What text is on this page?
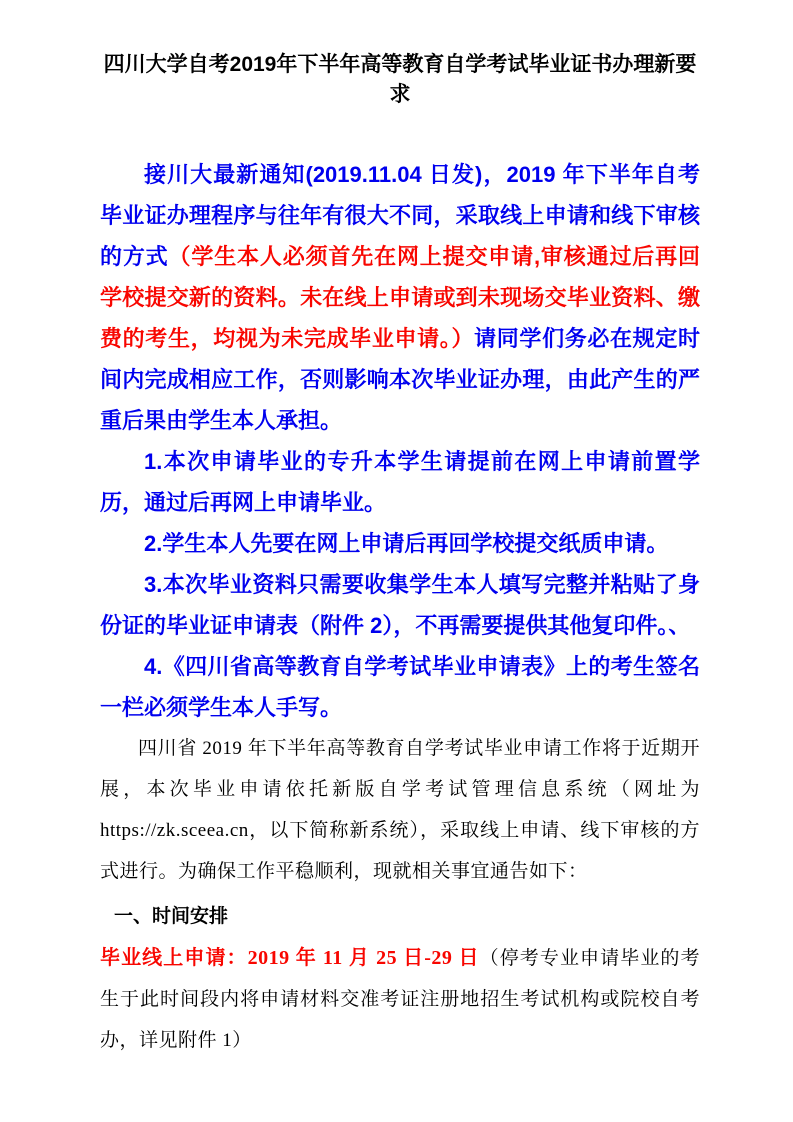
四川大学自考2019年下半年高等教育自学考试毕业证书办理新要求

接川大最新通知(2019.11.04 日发)，2019 年下半年自考毕业证办理程序与往年有很大不同，采取线上申请和线下审核的方式（学生本人必须首先在网上提交申请,审核通过后再回学校提交新的资料。未在线上申请或到未现场交毕业资料、缴费的考生，均视为未完成毕业申请。）请同学们务必在规定时间内完成相应工作，否则影响本次毕业证办理，由此产生的严重后果由学生本人承担。

1.本次申请毕业的专升本学生请提前在网上申请前置学历，通过后再网上申请毕业。

2.学生本人先要在网上申请后再回学校提交纸质申请。

3.本次毕业资料只需要收集学生本人填写完整并粘贴了身份证的毕业证申请表（附件 2），不再需要提供其他复印件。、

4.《四川省高等教育自学考试毕业申请表》上的考生签名一栏必须学生本人手写。

四川省 2019 年下半年高等教育自学考试毕业申请工作将于近期开展，本次毕业申请依托新版自学考试管理信息系统（网址为 https://zk.sceea.cn，以下简称新系统），采取线上申请、线下审核的方式进行。为确保工作平稳顺利，现就相关事宜通告如下：

一、时间安排

毕业线上申请：2019 年 11 月 25 日-29 日（停考专业申请毕业的考生于此时间段内将申请材料交准考证注册地招生考试机构或院校自考办，详见附件 1）
